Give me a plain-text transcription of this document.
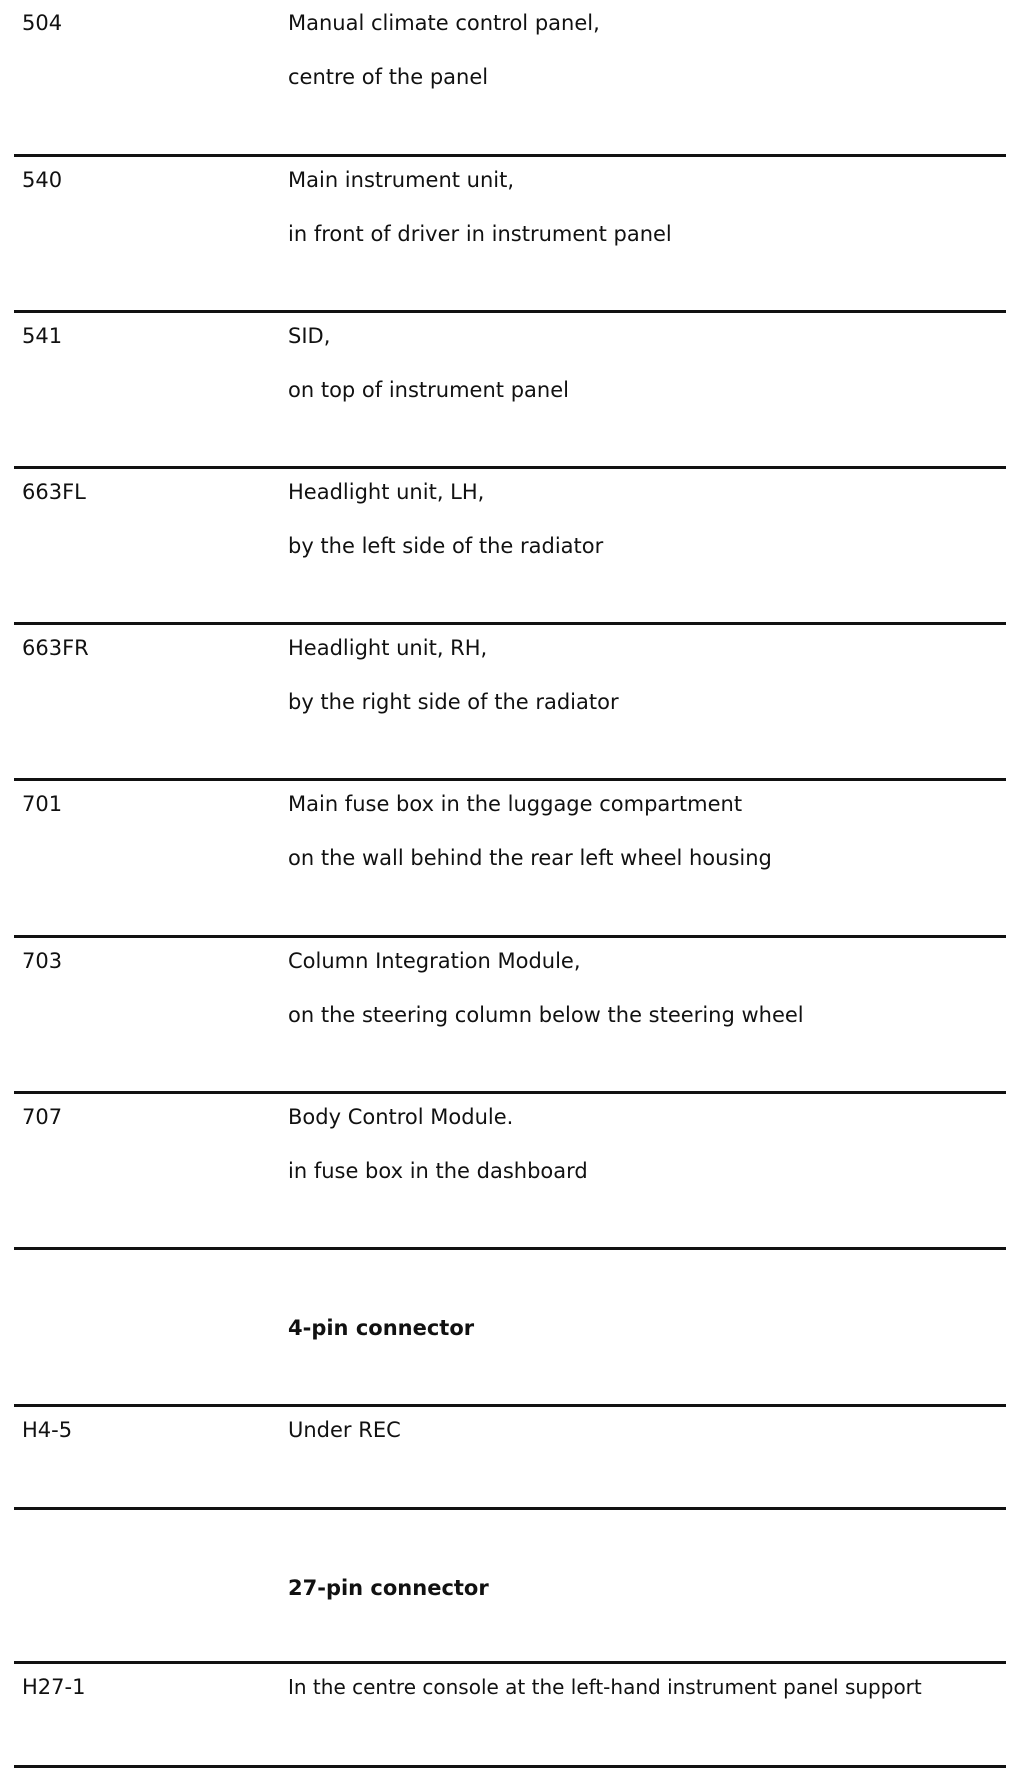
504	Manual climate control panel,
centre of the panel
540	Main instrument unit,
in front of driver in instrument panel
541	SID,
on top of instrument panel
663FL	Headlight unit, LH,
by the left side of the radiator
663FR	Headlight unit, RH,
by the right side of the radiator
701	Main fuse box in the luggage compartment
on the wall behind the rear left wheel housing
703	Column Integration Module,
on the steering column below the steering wheel
707	Body Control Module.
in fuse box in the dashboard
4-pin connector
H4-5	Under REC
27-pin connector
H27-1	In the centre console at the left-hand instrument panel support
